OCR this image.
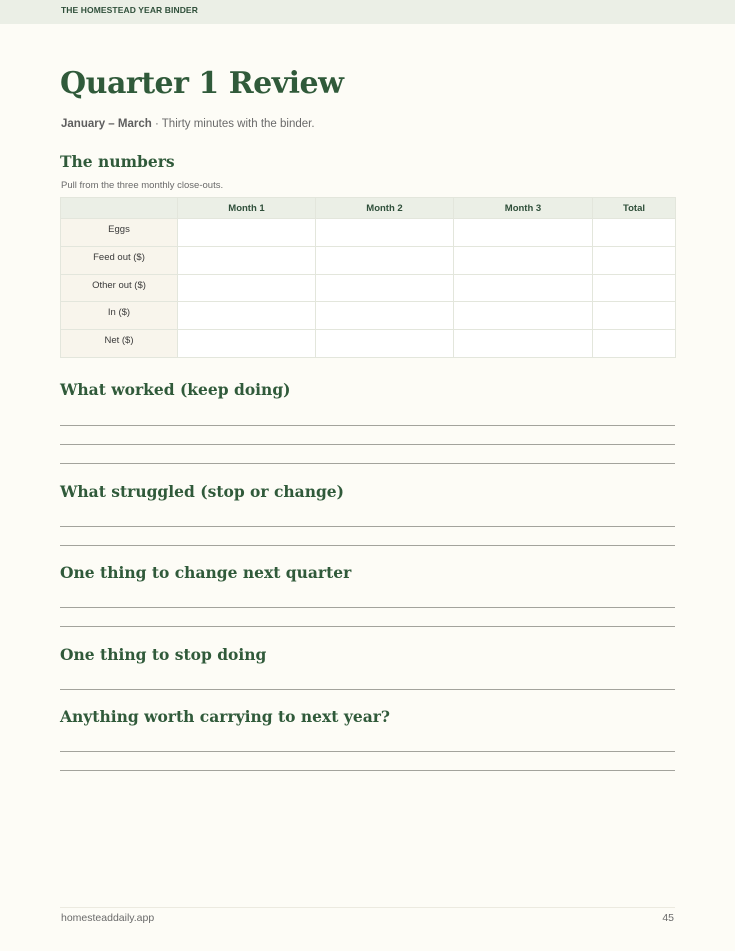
THE HOMESTEAD YEAR BINDER
Quarter 1 Review
January – March · Thirty minutes with the binder.
The numbers
Pull from the three monthly close-outs.
	Month 1	Month 2	Month 3	Total
Eggs				
Feed out ($)				
Other out ($)				
In ($)				
Net ($)				
What worked (keep doing)
What struggled (stop or change)
One thing to change next quarter
One thing to stop doing
Anything worth carrying to next year?
homesteaddaily.app	45
